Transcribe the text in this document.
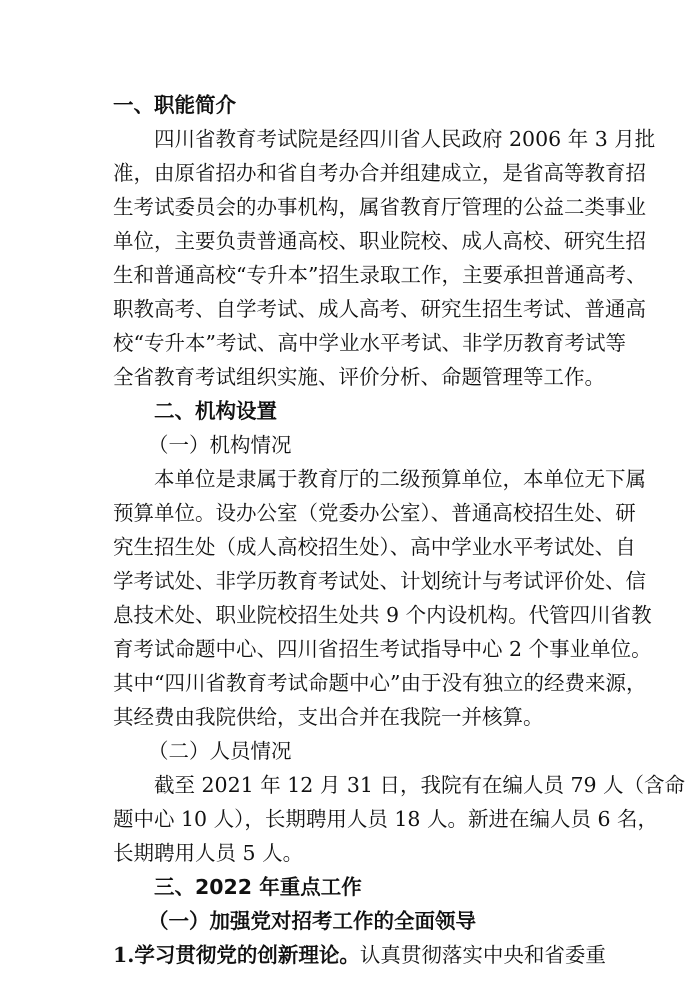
一、职能简介
四川省教育考试院是经四川省人民政府 2006 年 3 月批
准，由原省招办和省自考办合并组建成立，是省高等教育招
生考试委员会的办事机构，属省教育厅管理的公益二类事业
单位，主要负责普通高校、职业院校、成人高校、研究生招
生和普通高校“专升本”招生录取工作，主要承担普通高考、
职教高考、自学考试、成人高考、研究生招生考试、普通高
校“专升本”考试、高中学业水平考试、非学历教育考试等
全省教育考试组织实施、评价分析、命题管理等工作。
二、机构设置
（一）机构情况
本单位是隶属于教育厅的二级预算单位，本单位无下属
预算单位。设办公室（党委办公室）、普通高校招生处、研
究生招生处（成人高校招生处）、高中学业水平考试处、自
学考试处、非学历教育考试处、计划统计与考试评价处、信
息技术处、职业院校招生处共 9 个内设机构。代管四川省教
育考试命题中心、四川省招生考试指导中心 2 个事业单位。
其中“四川省教育考试命题中心”由于没有独立的经费来源，
其经费由我院供给，支出合并在我院一并核算。
（二）人员情况
截至 2021 年 12 月 31 日，我院有在编人员 79 人（含命
题中心 10 人），长期聘用人员 18 人。新进在编人员 6 名，
长期聘用人员 5 人。
三、2022 年重点工作
（一）加强党对招考工作的全面领导
1.学习贯彻党的创新理论。认真贯彻落实中央和省委重
